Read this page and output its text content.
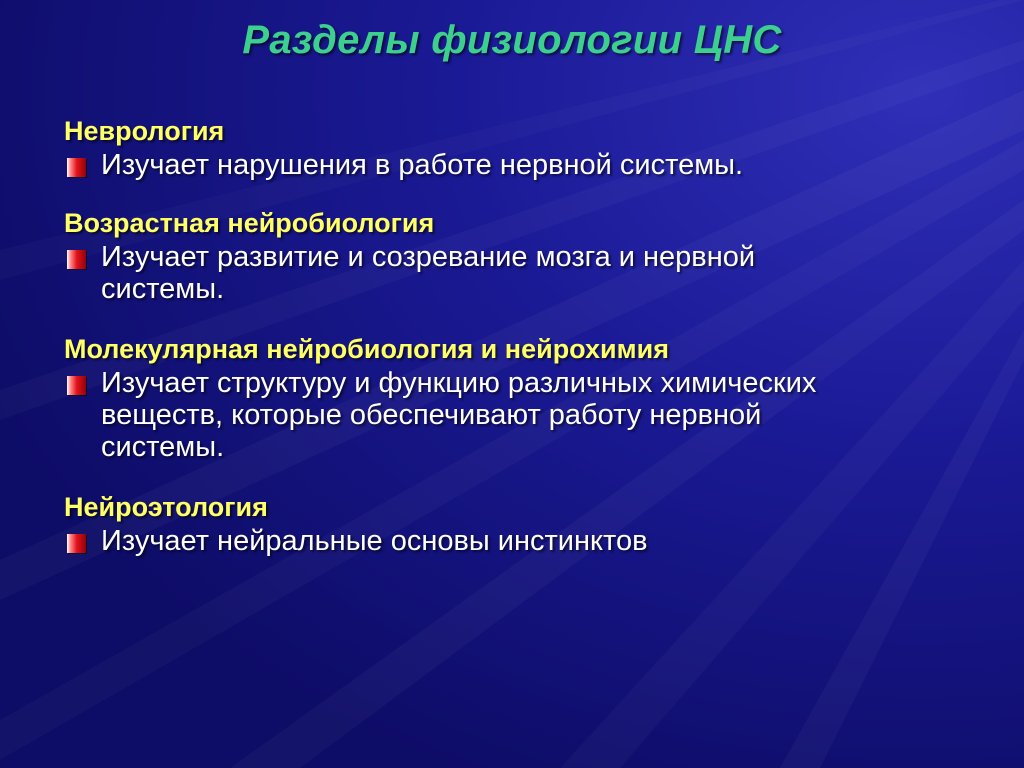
Разделы физиологии ЦНС
Неврология
Изучает нарушения в работе нервной системы.
Возрастная нейробиология
Изучает развитие и созревание мозга и нервной
системы.
Молекулярная нейробиология и нейрохимия
Изучает структуру и функцию различных химических
веществ, которые обеспечивают работу нервной
системы.
Нейроэтология
Изучает нейральные основы инстинктов
